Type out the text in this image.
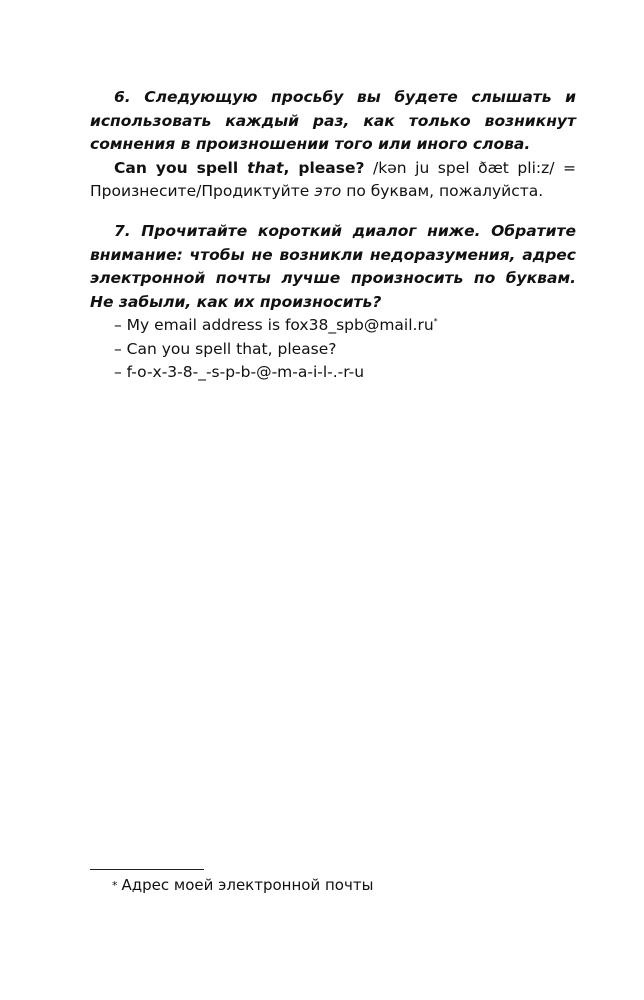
6. Следующую просьбу вы будете слышать и использовать каждый раз, как только возникнут сомнения в произношении того или иного слова.

Can you spell that, please? /kən ju spel ðæt pli:z/ = Произнесите/Продиктуйте это по буквам, пожалуйста.

7. Прочитайте короткий диалог ниже. Обратите внимание: чтобы не возникли недоразумения, адрес электронной почты лучше произносить по буквам. Не забыли, как их произносить?

– My email address is fox38_spb@mail.ru*

– Can you spell that, please?

– f-o-x-3-8-_-s-p-b-@-m-a-i-l-.-r-u

* Адрес моей электронной почты
